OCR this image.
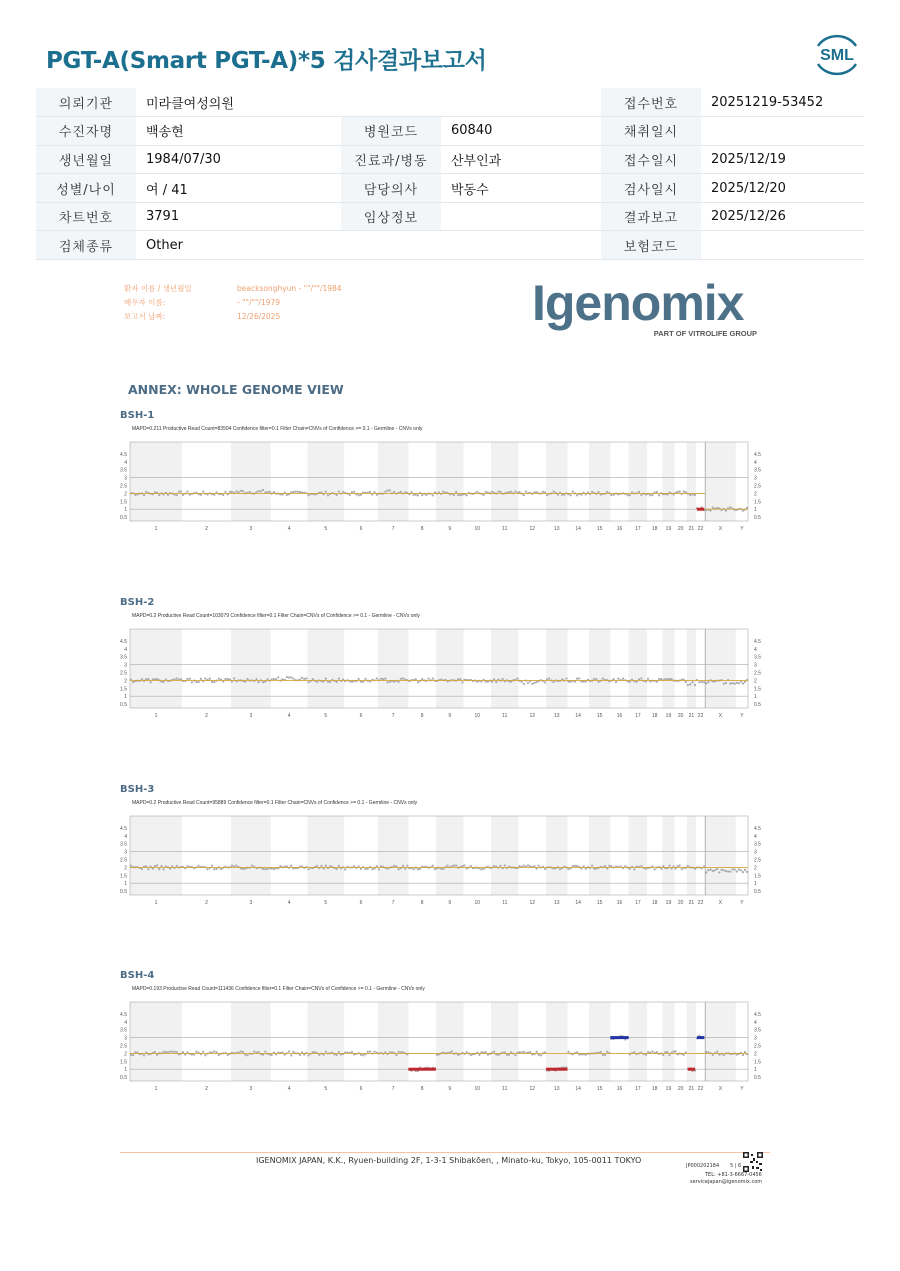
PGT-A(Smart PGT-A)*5 검사결과보고서	SML
의뢰기관	미라클여성의원			접수번호	20251219-53452
수진자명	백송현	병원코드	60840	채취일시	
생년월일	1984/07/30	진료과/병동	산부인과	접수일시	2025/12/19
성별/나이	여 / 41	담당의사	박동수	검사일시	2025/12/20
차트번호	3791	임상정보		결과보고	2025/12/26
검체종류	Other			보험코드	
환자 이름 / 생년월일	beacksonghyun - ""/""/1984
배우자 이름:	- ""/""/1979
보고서 날짜:	12/26/2025	Igenomix
PART OF VITROLIFE GROUP
ANNEX: WHOLE GENOME VIEW
BSH-1
MAPD=0.211 Productive Read Count=83504 Confidence filter=0.1 Filter Chain=CNVs of Confidence >= 0.1 - Germline - CNVs only
4.5	4.5
4	4
3.5	3.5
3	3
2.5	2.5
2	2
1.5	1.5
1	1
0.5	0.5
1	2	3	4	5	6	7	8	9	10	11	12	13	14	15	16	17 18 19 20 21 22	X	Y
BSH-2
MAPD=0.2 Productive Read Count=103079 Confidence filter=0.1 Filter Chain=CNVs of Confidence >= 0.1 - Germline - CNVs only
4.5	4.5
4	4
3.5	3.5
3	3
2.5	2.5
2	2
1.5	1.5
1	1
0.5	0.5
1	2	3	4	5	6	7	8	9	10	11	12	13	14	15	16	17 18 19 20 21 22	X	Y
BSH-3
MAPD=0.2 Productive Read Count=95889 Confidence filter=0.1 Filter Chain=CNVs of Confidence >= 0.1 - Germline - CNVs only
4.5	4.5
4	4
3.5	3.5
3	3
2.5	2.5
2	2
1.5	1.5
1	1
0.5	0.5
1	2	3	4	5	6	7	8	9	10	11	12	13	14	15	16	17 18 19 20 21 22	X	Y
BSH-4
MAPD=0.193 Productive Read Count=111436 Confidence filter=0.1 Filter Chain=CNVs of Confidence >= 0.1 - Germline - CNVs only
4.5	4.5
4	4
3.5	3.5
3	3
2.5	2.5
2	2
1.5	1.5
1	1
0.5	0.5
1	2	3	4	5	6	7	8	9	10	11	12	13	14	15	16	17 18 19 20 21 22	X	Y
IGENOMIX JAPAN, K.K., Ryuen-building 2F, 1-3-1 Shibakōen, , Minato-ku, Tokyo, 105-0011 TOKYO
JP000202184 5 | 6
TEL: +81-3-6667-0456
servicejapan@igenomix.com
